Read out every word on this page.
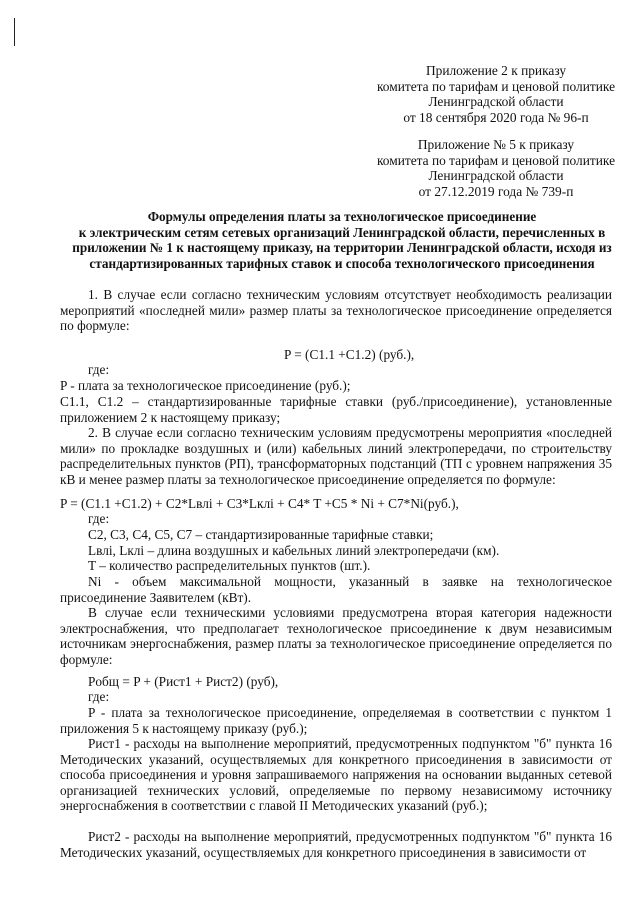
Приложение 2 к приказу
комитета по тарифам и ценовой политике
Ленинградской области
от 18 сентября 2020 года № 96-п
Приложение № 5 к приказу
комитета по тарифам и ценовой политике
Ленинградской области
от 27.12.2019 года № 739-п
Формулы определения платы за технологическое присоединение
к электрическим сетям сетевых организаций Ленинградской области, перечисленных в
приложении № 1 к настоящему приказу, на территории Ленинградской области, исходя из
стандартизированных тарифных ставок и способа технологического присоединения
1. В случае если согласно техническим условиям отсутствует необходимость реализации мероприятий «последней мили» размер платы за технологическое присоединение определяется по формуле:
P = (C1.1 +C1.2) (руб.),
где:
P - плата за технологическое присоединение (руб.);
C1.1, C1.2 – стандартизированные тарифные ставки (руб./присоединение), установленные приложением 2 к настоящему приказу;
2. В случае если согласно техническим условиям предусмотрены мероприятия «последней мили» по прокладке воздушных и (или) кабельных линий электропередачи, по строительству распределительных пунктов (РП), трансформаторных подстанций (ТП с уровнем напряжения 35 кВ и менее размер платы за технологическое присоединение определяется по формуле:
P = (C1.1 +C1.2) + C2*Lвлi + C3*Lклi + C4* T +C5 * Ni + C7*Ni(руб.),
где:
C2, C3, C4, C5, C7 – стандартизированные тарифные ставки;
Lвлi, Lклi – длина воздушных и кабельных линий электропередачи (км).
T – количество распределительных пунктов (шт.).
Ni - объем максимальной мощности, указанный в заявке на технологическое присоединение Заявителем (кВт).
В случае если техническими условиями предусмотрена вторая категория надежности электроснабжения, что предполагает технологическое присоединение к двум независимым источникам энергоснабжения, размер платы за технологическое присоединение определяется по формуле:
Pобщ = P + (Pист1 + Pист2) (руб),
где:
P - плата за технологическое присоединение, определяемая в соответствии с пунктом 1 приложения 5 к настоящему приказу (руб.);
Pист1 - расходы на выполнение мероприятий, предусмотренных подпунктом "б" пункта 16 Методических указаний, осуществляемых для конкретного присоединения в зависимости от способа присоединения и уровня запрашиваемого напряжения на основании выданных сетевой организацией технических условий, определяемые по первому независимому источнику энергоснабжения в соответствии с главой II Методических указаний (руб.);
Pист2 - расходы на выполнение мероприятий, предусмотренных подпунктом "б" пункта 16 Методических указаний, осуществляемых для конкретного присоединения в зависимости от
